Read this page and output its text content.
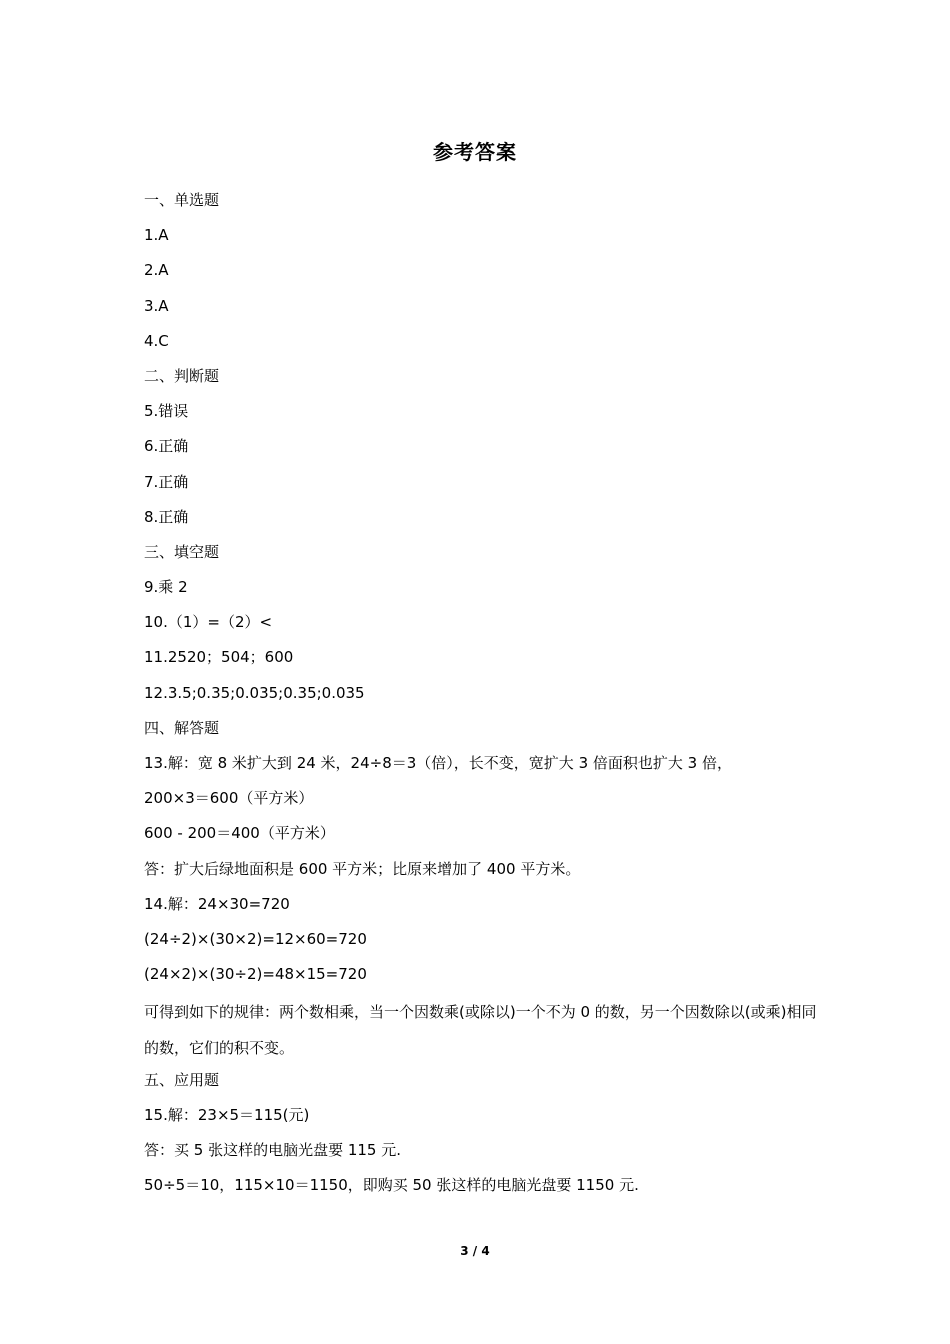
参考答案
一、单选题
1.A
2.A
3.A
4.C
二、判断题
5.错误
6.正确
7.正确
8.正确
三、填空题
9.乘 2
10.（1）=（2）<
11.2520；504；600
12.3.5;0.35;0.035;0.35;0.035
四、解答题
13.解：宽 8 米扩大到 24 米，24÷8＝3（倍），长不变，宽扩大 3 倍面积也扩大 3 倍，
200×3＝600（平方米）
600 - 200＝400（平方米）
答：扩大后绿地面积是 600 平方米；比原来增加了 400 平方米。
14.解：24×30=720
(24÷2)×(30×2)=12×60=720
(24×2)×(30÷2)=48×15=720
可得到如下的规律：两个数相乘，当一个因数乘(或除以)一个不为 0 的数，另一个因数除以(或乘)相同的数，它们的积不变。
五、应用题
15.解：23×5＝115(元)
答：买 5 张这样的电脑光盘要 115 元.
50÷5＝10，115×10＝1150，即购买 50 张这样的电脑光盘要 1150 元.
3 / 4
